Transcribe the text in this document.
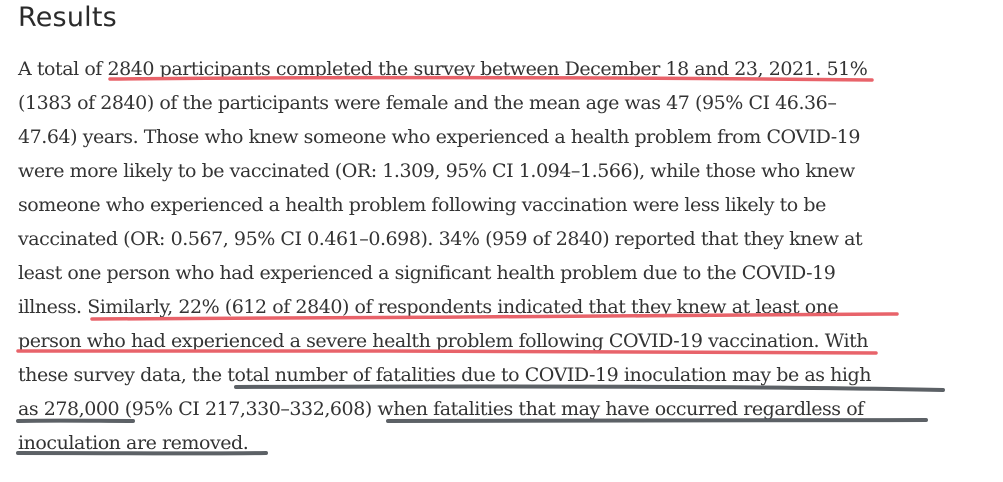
Results
A total of 2840 participants completed the survey between December 18 and 23, 2021. 51%
(1383 of 2840) of the participants were female and the mean age was 47 (95% CI 46.36–
47.64) years. Those who knew someone who experienced a health problem from COVID-19
were more likely to be vaccinated (OR: 1.309, 95% CI 1.094–1.566), while those who knew
someone who experienced a health problem following vaccination were less likely to be
vaccinated (OR: 0.567, 95% CI 0.461–0.698). 34% (959 of 2840) reported that they knew at
least one person who had experienced a significant health problem due to the COVID-19
illness. Similarly, 22% (612 of 2840) of respondents indicated that they knew at least one
person who had experienced a severe health problem following COVID-19 vaccination. With
these survey data, the total number of fatalities due to COVID-19 inoculation may be as high
as 278,000 (95% CI 217,330–332,608) when fatalities that may have occurred regardless of
inoculation are removed.
